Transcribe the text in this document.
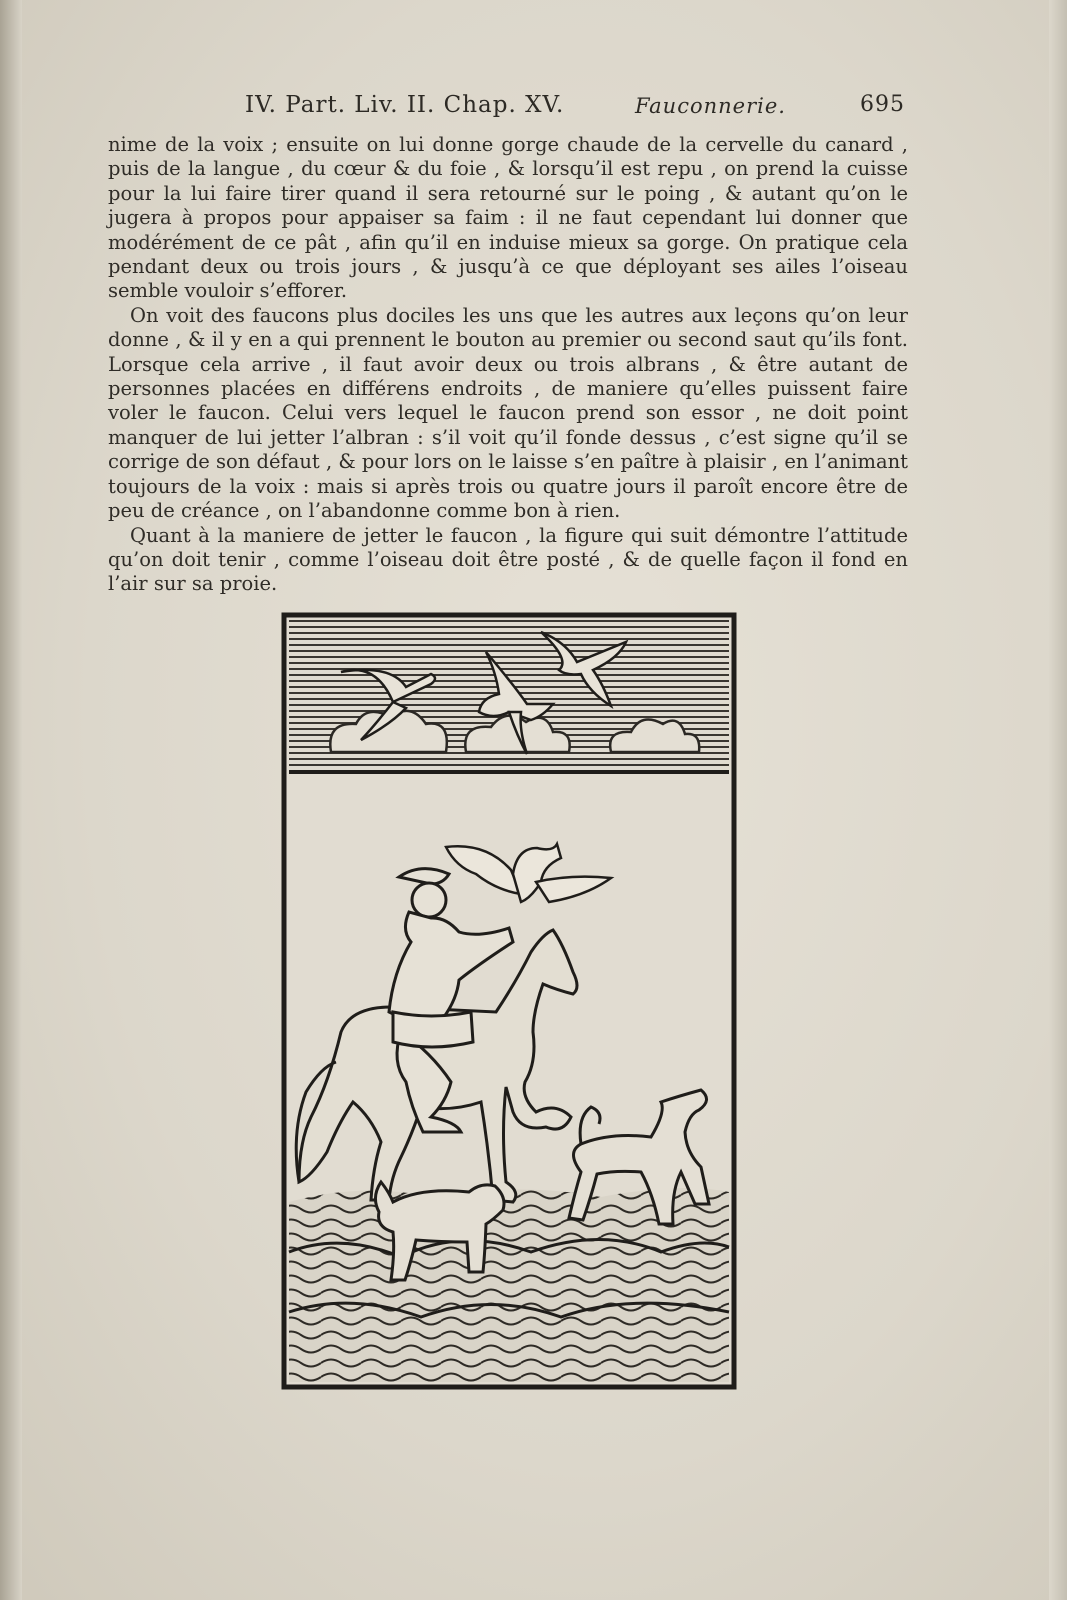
IV. Part. Liv. II. Chap. XV.	Fauconnerie.	695

nime de la voix ; ensuite on lui donne gorge chaude de la cervelle du canard , puis de la langue , du cœur & du foie , & lorsqu’il est repu , on prend la cuisse pour la lui faire tirer quand il sera retourné sur le poing , & autant qu’on le jugera à propos pour appaiser sa faim : il ne faut cependant lui donner que modérément de ce pât , afin qu’il en induise mieux sa gorge. On pratique cela pendant deux ou trois jours , & jusqu’à ce que déployant ses ailes l’oiseau semble vouloir s’efforer.

On voit des faucons plus dociles les uns que les autres aux leçons qu’on leur donne , & il y en a qui prennent le bouton au premier ou second saut qu’ils font. Lorsque cela arrive , il faut avoir deux ou trois albrans , & être autant de personnes placées en différens endroits , de maniere qu’elles puissent faire voler le faucon. Celui vers lequel le faucon prend son essor , ne doit point manquer de lui jetter l’albran : s’il voit qu’il fonde dessus , c’est signe qu’il se corrige de son défaut , & pour lors on le laisse s’en paître à plaisir , en l’animant toujours de la voix : mais si après trois ou quatre jours il paroît encore être de peu de créance , on l’abandonne comme bon à rien.

Quant à la maniere de jetter le faucon , la figure qui suit démontre l’attitude qu’on doit tenir , comme l’oiseau doit être posté , & de quelle façon il fond en l’air sur sa proie.
